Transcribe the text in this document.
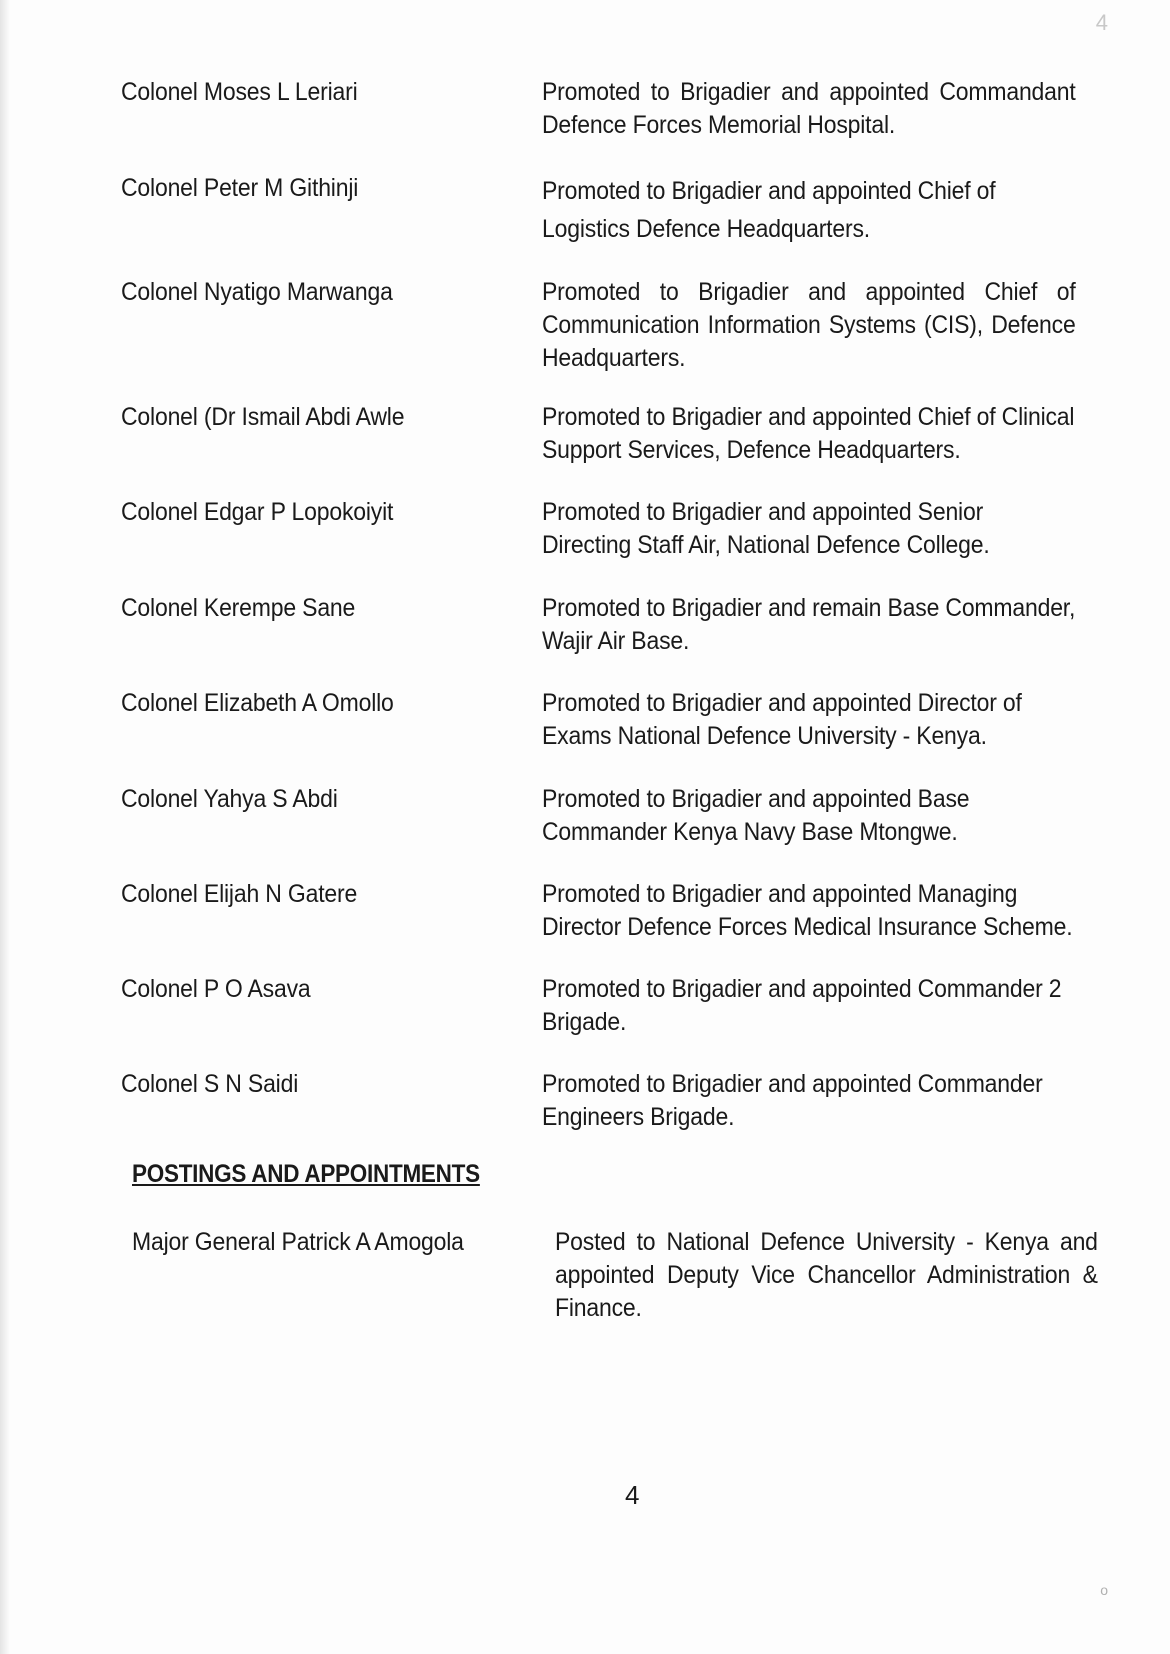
4
Colonel Moses L Leriari	Promoted to Brigadier and appointed Commandant Defence Forces Memorial Hospital.
Colonel Peter M Githinji	Promoted to Brigadier and appointed Chief of Logistics Defence Headquarters.
Colonel Nyatigo Marwanga	Promoted to Brigadier and appointed Chief of Communication Information Systems (CIS), Defence Headquarters.
Colonel (Dr Ismail Abdi Awle	Promoted to Brigadier and appointed Chief of Clinical Support Services, Defence Headquarters.
Colonel Edgar P Lopokoiyit	Promoted to Brigadier and appointed Senior Directing Staff Air, National Defence College.
Colonel Kerempe Sane	Promoted to Brigadier and remain Base Commander, Wajir Air Base.
Colonel Elizabeth A Omollo	Promoted to Brigadier and appointed Director of Exams National Defence University - Kenya.
Colonel Yahya S Abdi	Promoted to Brigadier and appointed Base Commander Kenya Navy Base Mtongwe.
Colonel Elijah N Gatere	Promoted to Brigadier and appointed Managing Director Defence Forces Medical Insurance Scheme.
Colonel P O Asava	Promoted to Brigadier and appointed Commander 2 Brigade.
Colonel S N Saidi	Promoted to Brigadier and appointed Commander Engineers Brigade.
POSTINGS AND APPOINTMENTS
Major General Patrick A Amogola	Posted to National Defence University - Kenya and appointed Deputy Vice Chancellor Administration & Finance.
4
o
